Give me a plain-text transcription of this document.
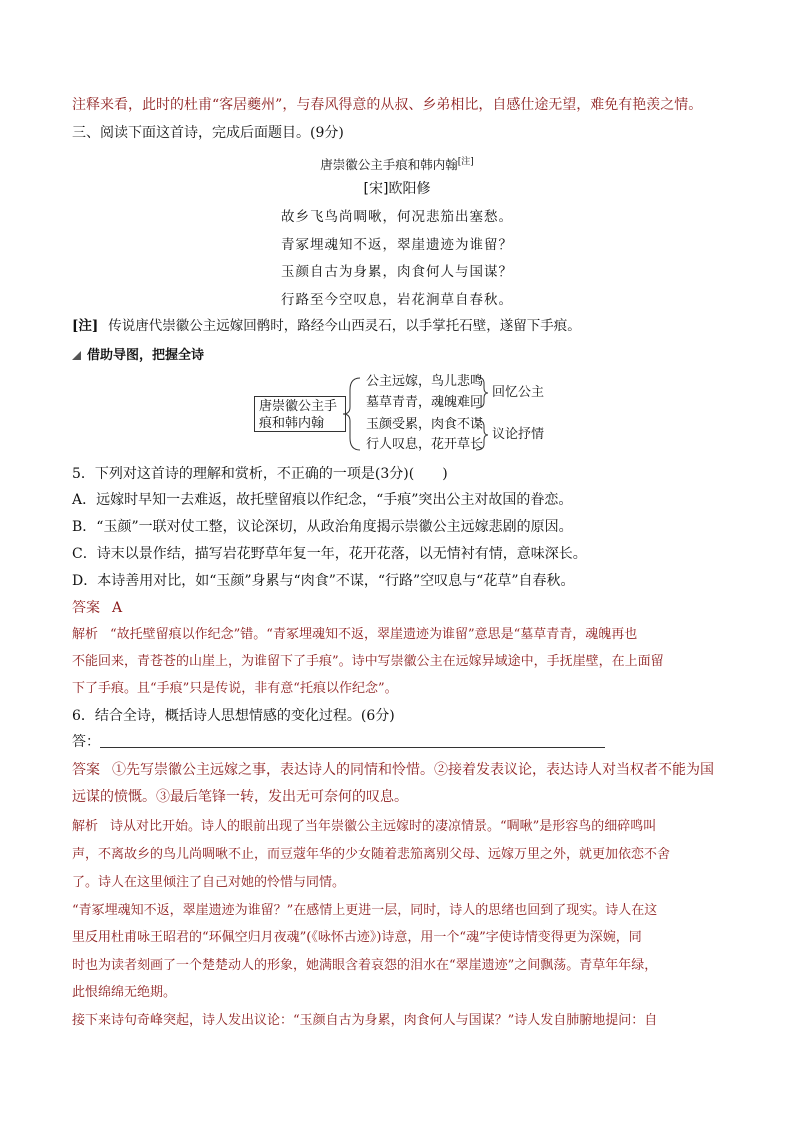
注释来看，此时的杜甫“客居夔州”，与春风得意的从叔、乡弟相比，自感仕途无望，难免有艳羡之情。
三、阅读下面这首诗，完成后面题目。(9分)
唐崇徽公主手痕和韩内翰[注]
[宋]欧阳修
故乡飞鸟尚啁啾，何况悲笳出塞愁。
青冢埋魂知不返，翠崖遗迹为谁留？
玉颜自古为身累，肉食何人与国谋？
行路至今空叹息，岩花涧草自春秋。
[注] 传说唐代崇徽公主远嫁回鹘时，路经今山西灵石，以手掌托石壁，遂留下手痕。
借助导图，把握全诗
唐崇徽公主手痕和韩内翰
公主远嫁，鸟儿悲鸣
墓草青青，魂魄难回
玉颜受累，肉食不谋
行人叹息，花开草长
回忆公主
议论抒情
5．下列对这首诗的理解和赏析，不正确的一项是(3分)(　　)
A．远嫁时早知一去难返，故托壁留痕以作纪念，“手痕”突出公主对故国的眷恋。
B．“玉颜”一联对仗工整，议论深切，从政治角度揭示崇徽公主远嫁悲剧的原因。
C．诗末以景作结，描写岩花野草年复一年，花开花落，以无情衬有情，意味深长。
D．本诗善用对比，如“玉颜”身累与“肉食”不谋，“行路”空叹息与“花草”自春秋。
答案 A
解析 “故托壁留痕以作纪念”错。“青冢埋魂知不返，翠崖遗迹为谁留”意思是“墓草青青，魂魄再也
不能回来，青苍苍的山崖上，为谁留下了手痕”。诗中写崇徽公主在远嫁异域途中，手抚崖壁，在上面留
下了手痕。且“手痕”只是传说，非有意“托痕以作纪念”。
6．结合全诗，概括诗人思想情感的变化过程。(6分)
答：
答案 ①先写崇徽公主远嫁之事，表达诗人的同情和怜惜。②接着发表议论，表达诗人对当权者不能为国
远谋的愤慨。③最后笔锋一转，发出无可奈何的叹息。
解析 诗从对比开始。诗人的眼前出现了当年崇徽公主远嫁时的凄凉情景。“啁啾”是形容鸟的细碎鸣叫
声，不离故乡的鸟儿尚啁啾不止，而豆蔻年华的少女随着悲笳离别父母、远嫁万里之外，就更加依恋不舍
了。诗人在这里倾注了自己对她的怜惜与同情。
“青冢埋魂知不返，翠崖遗迹为谁留？”在感情上更进一层，同时，诗人的思绪也回到了现实。诗人在这
里反用杜甫咏王昭君的“环佩空归月夜魂”(《咏怀古迹》)诗意，用一个“魂”字使诗情变得更为深婉，同
时也为读者刻画了一个楚楚动人的形象，她满眼含着哀怨的泪水在“翠崖遗迹”之间飘荡。青草年年绿，
此恨绵绵无绝期。
接下来诗句奇峰突起，诗人发出议论：“玉颜自古为身累，肉食何人与国谋？”诗人发自肺腑地提问：自
